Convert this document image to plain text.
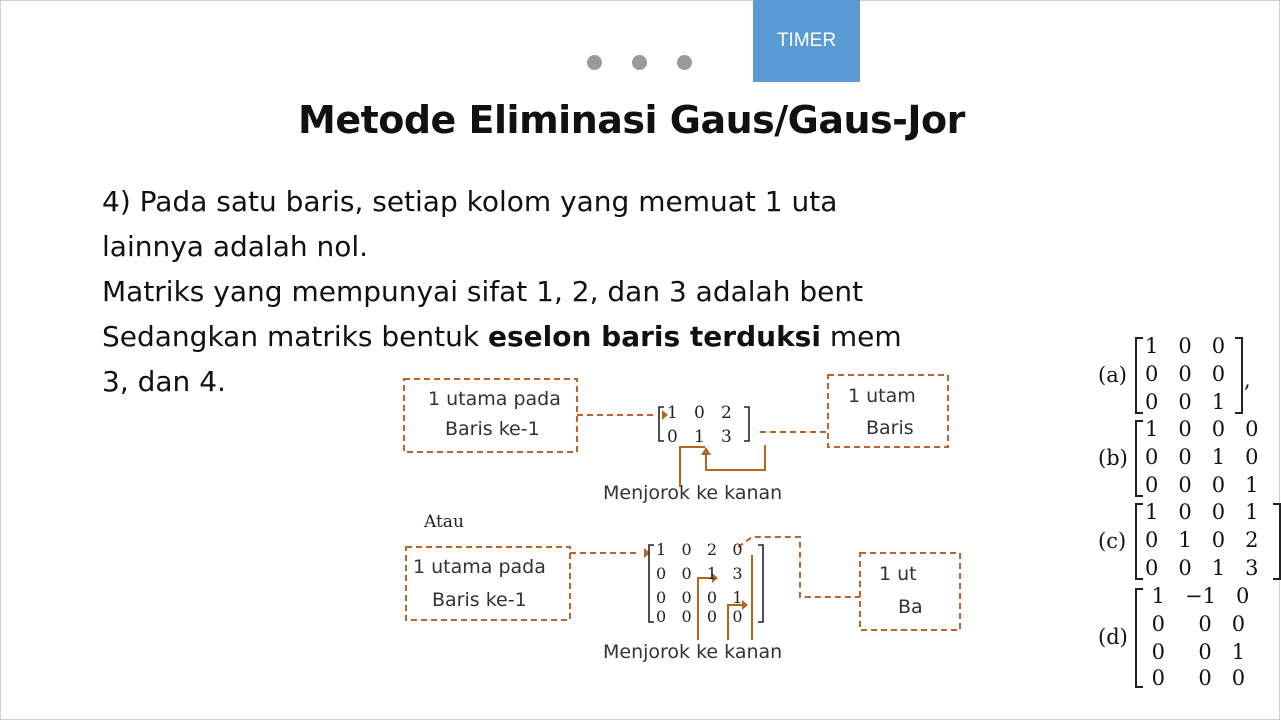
TIMER
Metode Eliminasi Gaus/Gaus-Jor
4) Pada satu baris, setiap kolom yang memuat 1 uta
lainnya adalah nol.
Matriks yang mempunyai sifat 1, 2, dan 3 adalah bent
Sedangkan matriks bentuk eselon baris terduksi mem
3, dan 4.
1 utama pada
Baris ke-1
1 utam
Baris
1   0   2
0   1   3
Menjorok ke kanan
Atau
1 utama pada
Baris ke-1
1 ut
Ba
1   0   2   0
0   0   1   3
0   0   0   1
0   0   0   0
Menjorok ke kanan
(a)
1   0   0
0   0   0
0   0   1
,
(b)
1   0   0   0
0   0   1   0
0   0   0   1
(c)
1   0   0   1
0   1   0   2
0   0   1   3
(d)
1   −1   0
0     0   0
0     0   1
0     0   0
